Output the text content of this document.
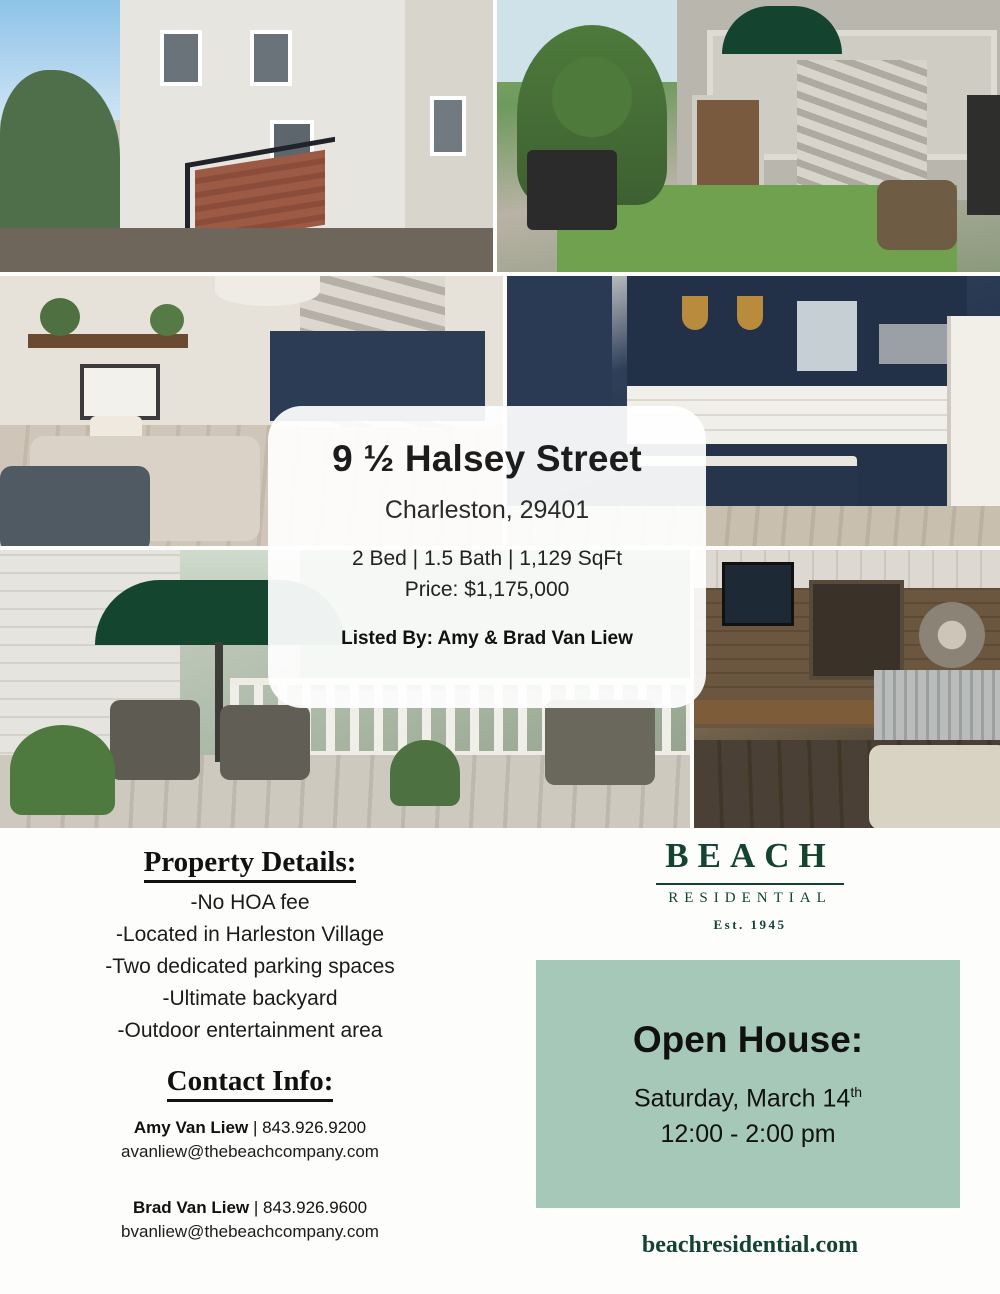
9 ½ Halsey Street
Charleston, 29401
2 Bed | 1.5 Bath | 1,129 SqFt
Price: $1,175,000
Listed By: Amy & Brad Van Liew
Property Details:
-No HOA fee
-Located in Harleston Village
-Two dedicated parking spaces
-Ultimate backyard
-Outdoor entertainment area
Contact Info:
Amy Van Liew | 843.926.9200
avanliew@thebeachcompany.com
Brad Van Liew | 843.926.9600
bvanliew@thebeachcompany.com
BEACH
RESIDENTIAL
Est. 1945
Open House:
Saturday, March 14th
12:00 - 2:00 pm
beachresidential.com
